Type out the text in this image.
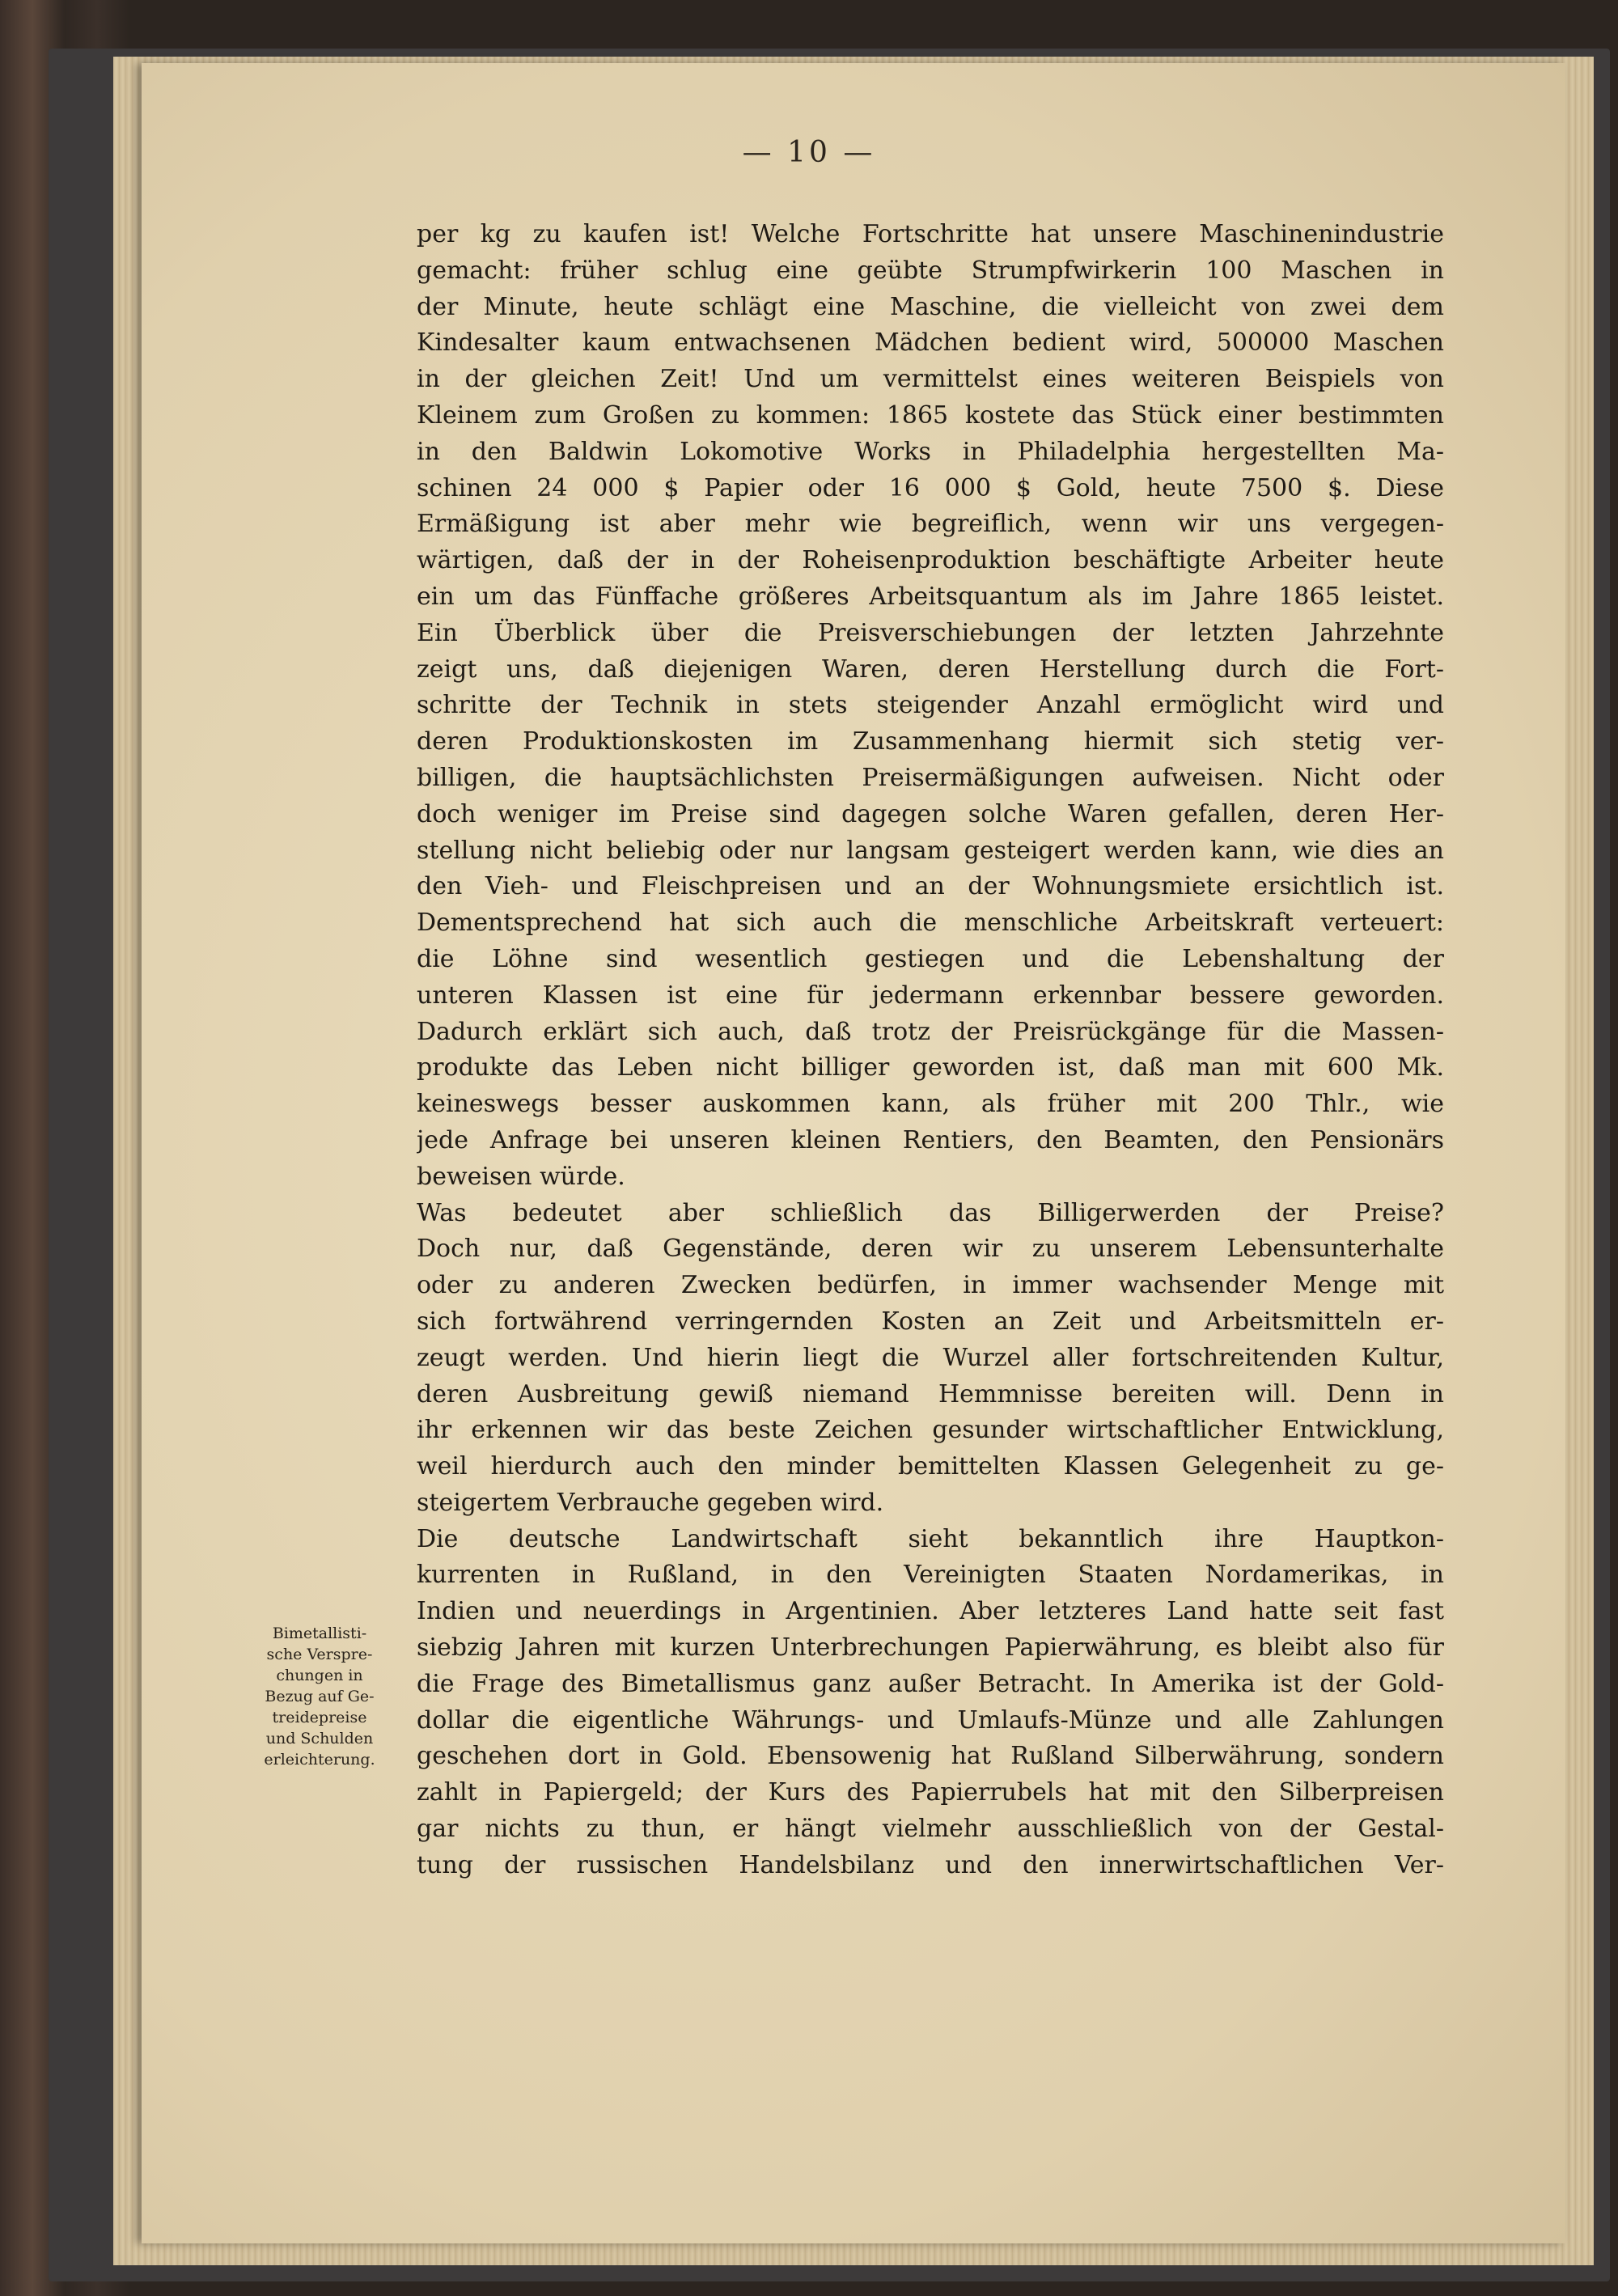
— 10 —
Bimetallisti-
sche Verspre-
chungen in
Bezug auf Ge-
treidepreise
und Schulden
erleichterung.
per kg zu kaufen ist! Welche Fortschritte hat unsere Maschinenindustrie
gemacht: früher schlug eine geübte Strumpfwirkerin 100 Maschen in
der Minute, heute schlägt eine Maschine, die vielleicht von zwei dem
Kindesalter kaum entwachsenen Mädchen bedient wird, 500000 Maschen
in der gleichen Zeit! Und um vermittelst eines weiteren Beispiels von
Kleinem zum Großen zu kommen: 1865 kostete das Stück einer bestimmten
in den Baldwin Lokomotive Works in Philadelphia hergestellten Ma-
schinen 24 000 $ Papier oder 16 000 $ Gold, heute 7500 $. Diese
Ermäßigung ist aber mehr wie begreiflich, wenn wir uns vergegen-
wärtigen, daß der in der Roheisenproduktion beschäftigte Arbeiter heute
ein um das Fünffache größeres Arbeitsquantum als im Jahre 1865 leistet.
Ein Überblick über die Preisverschiebungen der letzten Jahrzehnte
zeigt uns, daß diejenigen Waren, deren Herstellung durch die Fort-
schritte der Technik in stets steigender Anzahl ermöglicht wird und
deren Produktionskosten im Zusammenhang hiermit sich stetig ver-
billigen, die hauptsächlichsten Preisermäßigungen aufweisen. Nicht oder
doch weniger im Preise sind dagegen solche Waren gefallen, deren Her-
stellung nicht beliebig oder nur langsam gesteigert werden kann, wie dies an
den Vieh- und Fleischpreisen und an der Wohnungsmiete ersichtlich ist.
Dementsprechend hat sich auch die menschliche Arbeitskraft verteuert:
die Löhne sind wesentlich gestiegen und die Lebenshaltung der
unteren Klassen ist eine für jedermann erkennbar bessere geworden.
Dadurch erklärt sich auch, daß trotz der Preisrückgänge für die Massen-
produkte das Leben nicht billiger geworden ist, daß man mit 600 Mk.
keineswegs besser auskommen kann, als früher mit 200 Thlr., wie
jede Anfrage bei unseren kleinen Rentiers, den Beamten, den Pensionärs
beweisen würde.
Was bedeutet aber schließlich das Billigerwerden der Preise?
Doch nur, daß Gegenstände, deren wir zu unserem Lebensunterhalte
oder zu anderen Zwecken bedürfen, in immer wachsender Menge mit
sich fortwährend verringernden Kosten an Zeit und Arbeitsmitteln er-
zeugt werden. Und hierin liegt die Wurzel aller fortschreitenden Kultur,
deren Ausbreitung gewiß niemand Hemmnisse bereiten will. Denn in
ihr erkennen wir das beste Zeichen gesunder wirtschaftlicher Entwicklung,
weil hierdurch auch den minder bemittelten Klassen Gelegenheit zu ge-
steigertem Verbrauche gegeben wird.
Die deutsche Landwirtschaft sieht bekanntlich ihre Hauptkon-
kurrenten in Rußland, in den Vereinigten Staaten Nordamerikas, in
Indien und neuerdings in Argentinien. Aber letzteres Land hatte seit fast
siebzig Jahren mit kurzen Unterbrechungen Papierwährung, es bleibt also für
die Frage des Bimetallismus ganz außer Betracht. In Amerika ist der Gold-
dollar die eigentliche Währungs- und Umlaufs-Münze und alle Zahlungen
geschehen dort in Gold. Ebensowenig hat Rußland Silberwährung, sondern
zahlt in Papiergeld; der Kurs des Papierrubels hat mit den Silberpreisen
gar nichts zu thun, er hängt vielmehr ausschließlich von der Gestal-
tung der russischen Handelsbilanz und den innerwirtschaftlichen Ver-
